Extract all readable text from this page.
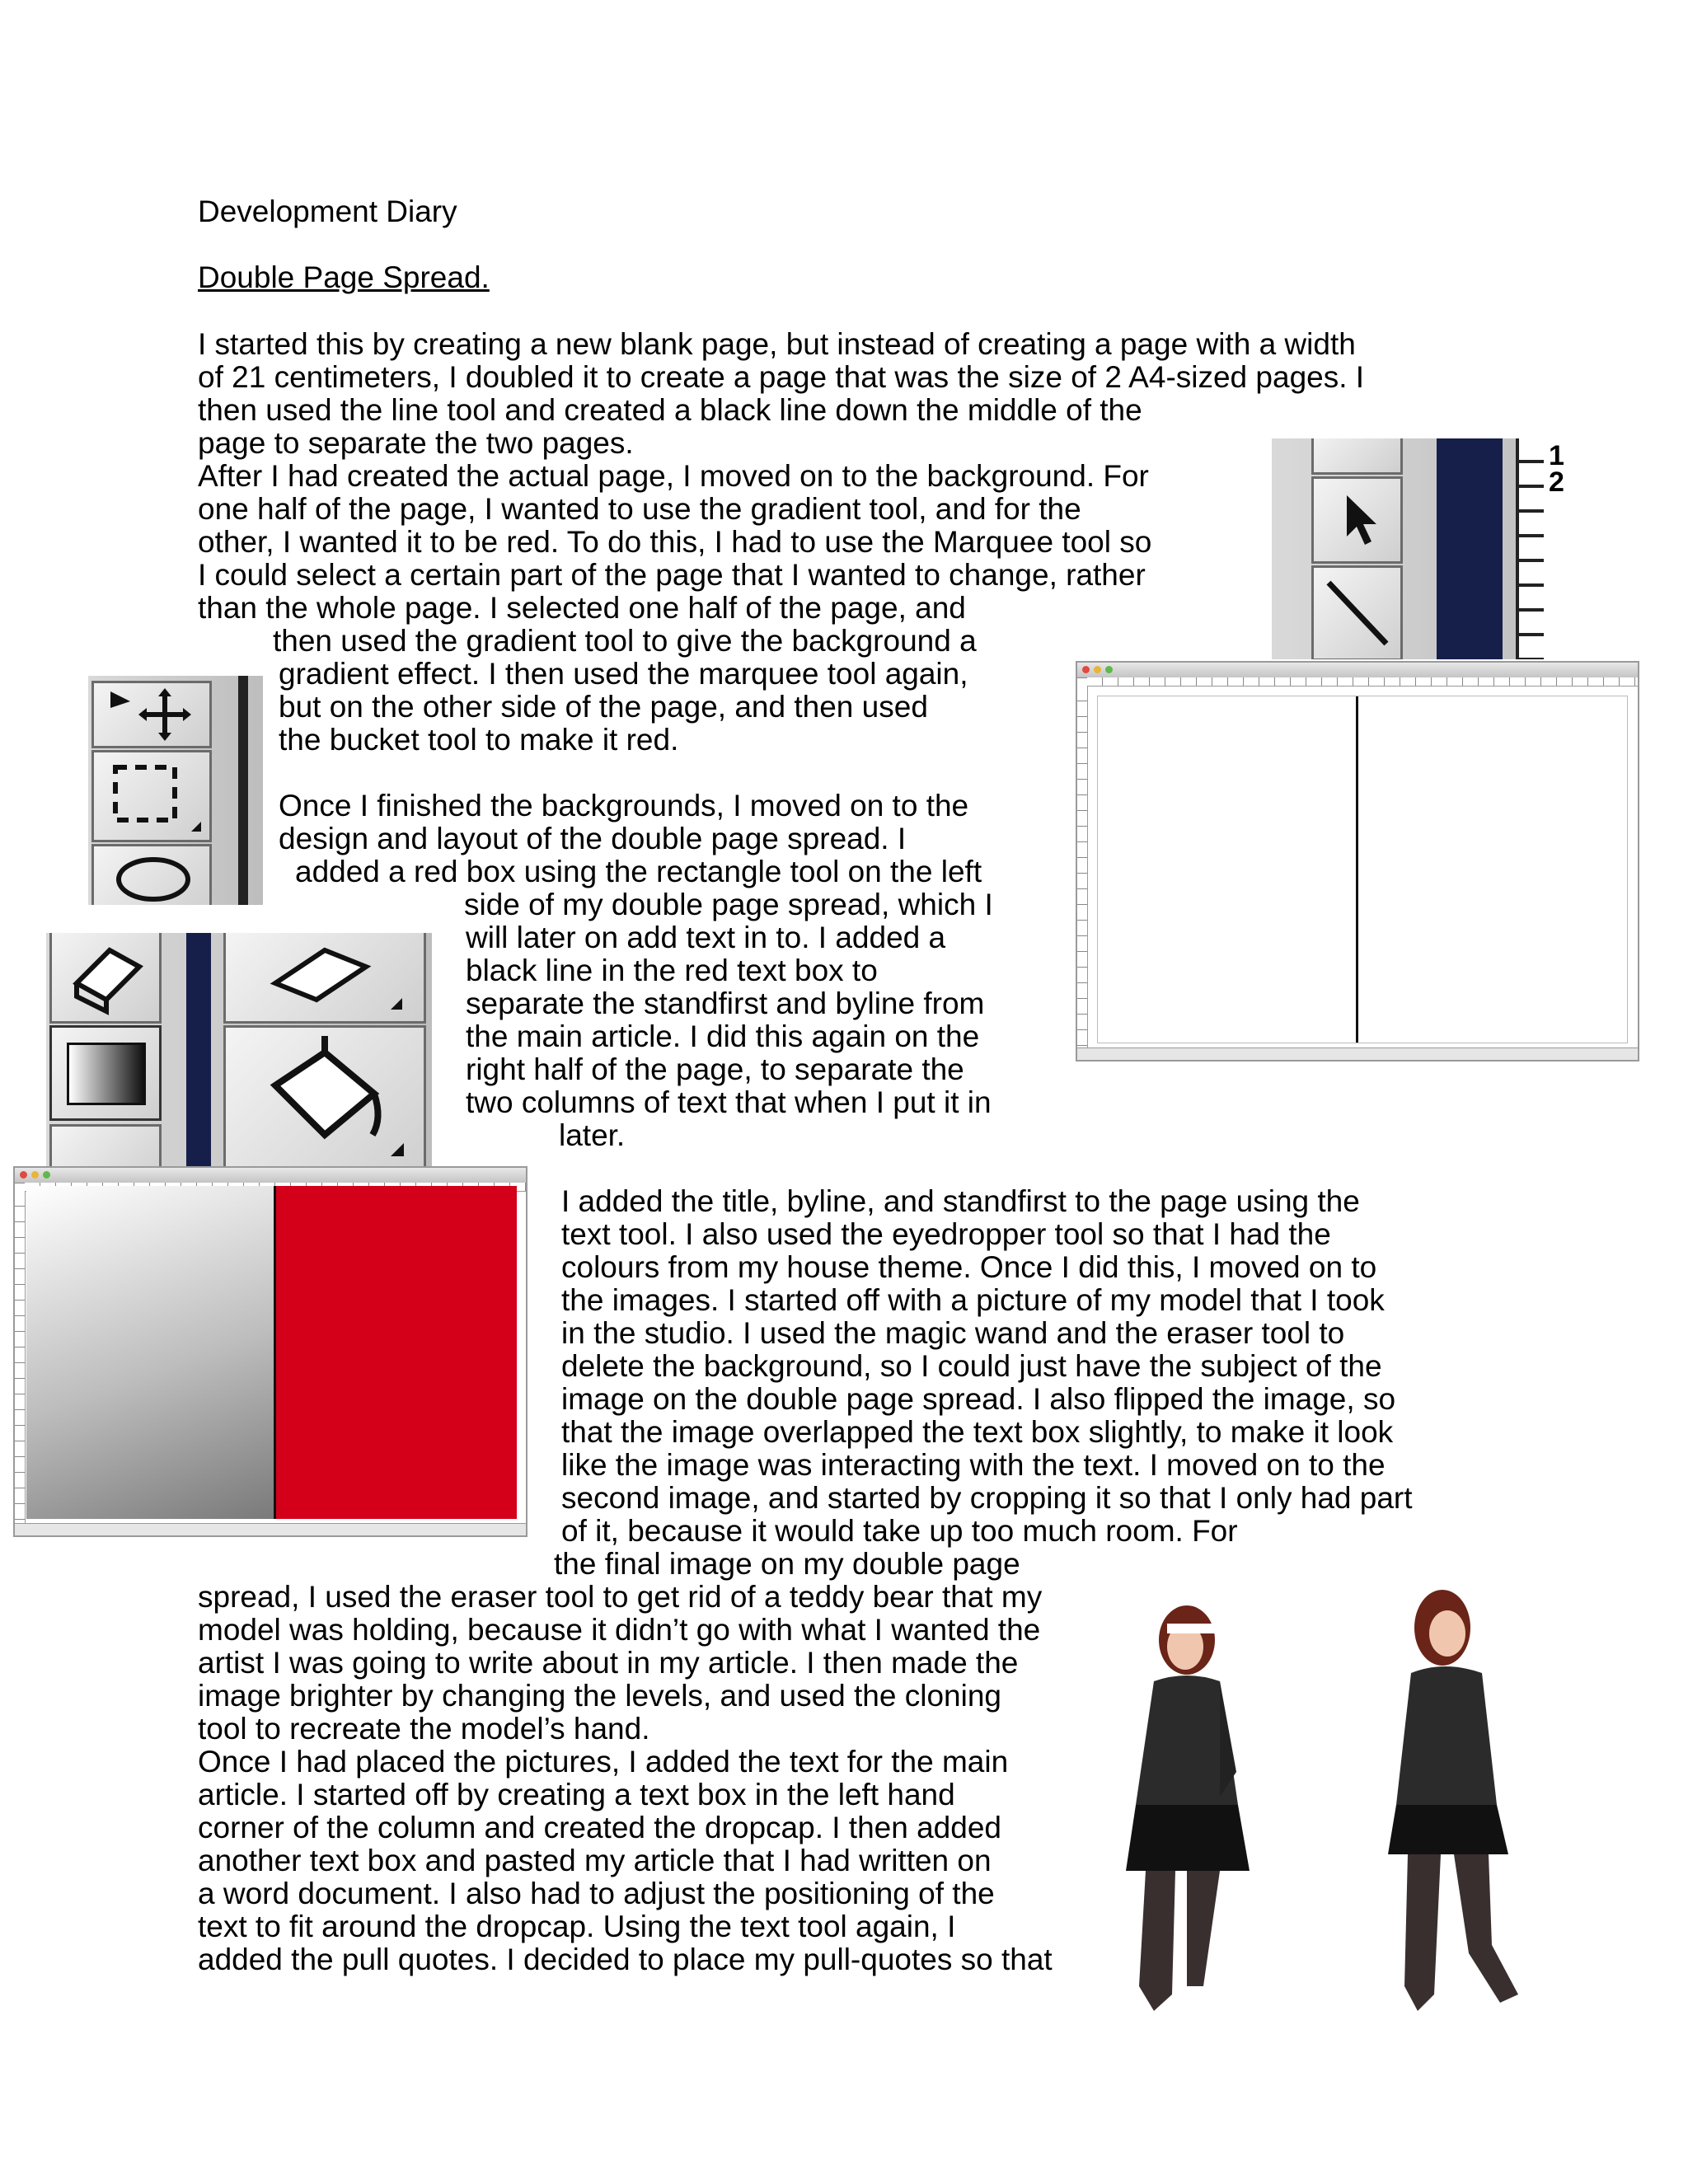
Development Diary
Double Page Spread.
I started this by creating a new blank page, but instead of creating a page with a width
of 21 centimeters, I doubled it to create a page that was the size of 2 A4-sized pages. I
then used the line tool and created a black line down the middle of the
page to separate the two pages.
After I had created the actual page, I moved on to the background. For
one half of the page, I wanted to use the gradient tool, and for the
other, I wanted it to be red. To do this, I had to use the Marquee tool so
I could select a certain part of the page that I wanted to change, rather
than the whole page. I selected one half of the page, and
then used the gradient tool to give the background a
gradient effect. I then used the marquee tool again,
but on the other side of the page, and then used
the bucket tool to make it red.
Once I finished the backgrounds, I moved on to the
design and layout of the double page spread. I
added a red box using the rectangle tool on the left
side of my double page spread, which I
will later on add text in to. I added a
black line in the red text box to
separate the standfirst and byline from
the main article. I did this again on the
right half of the page, to separate the
two columns of text that when I put it in
later.
I added the title, byline, and standfirst to the page using the
text tool. I also used the eyedropper tool so that I had the
colours from my house theme. Once I did this, I moved on to
the images. I started off with a picture of my model that I took
in the studio. I used the magic wand and the eraser tool to
delete the background, so I could just have the subject of the
image on the double page spread. I also flipped the image, so
that the image overlapped the text box slightly, to make it look
like the image was interacting with the text. I moved on to the
second image, and started by cropping it so that I only had part
of it, because it would take up too much room. For
the final image on my double page
spread, I used the eraser tool to get rid of a teddy bear that my
model was holding, because it didn’t go with what I wanted the
artist I was going to write about in my article. I then made the
image brighter by changing the levels, and used the cloning
tool to recreate the model’s hand.
Once I had placed the pictures, I added the text for the main
article. I started off by creating a text box in the left hand
corner of the column and created the dropcap. I then added
another text box and pasted my article that I had written on
a word document. I also had to adjust the positioning of the
text to fit around the dropcap. Using the text tool again, I
added the pull quotes. I decided to place my pull-quotes so that
1
2
